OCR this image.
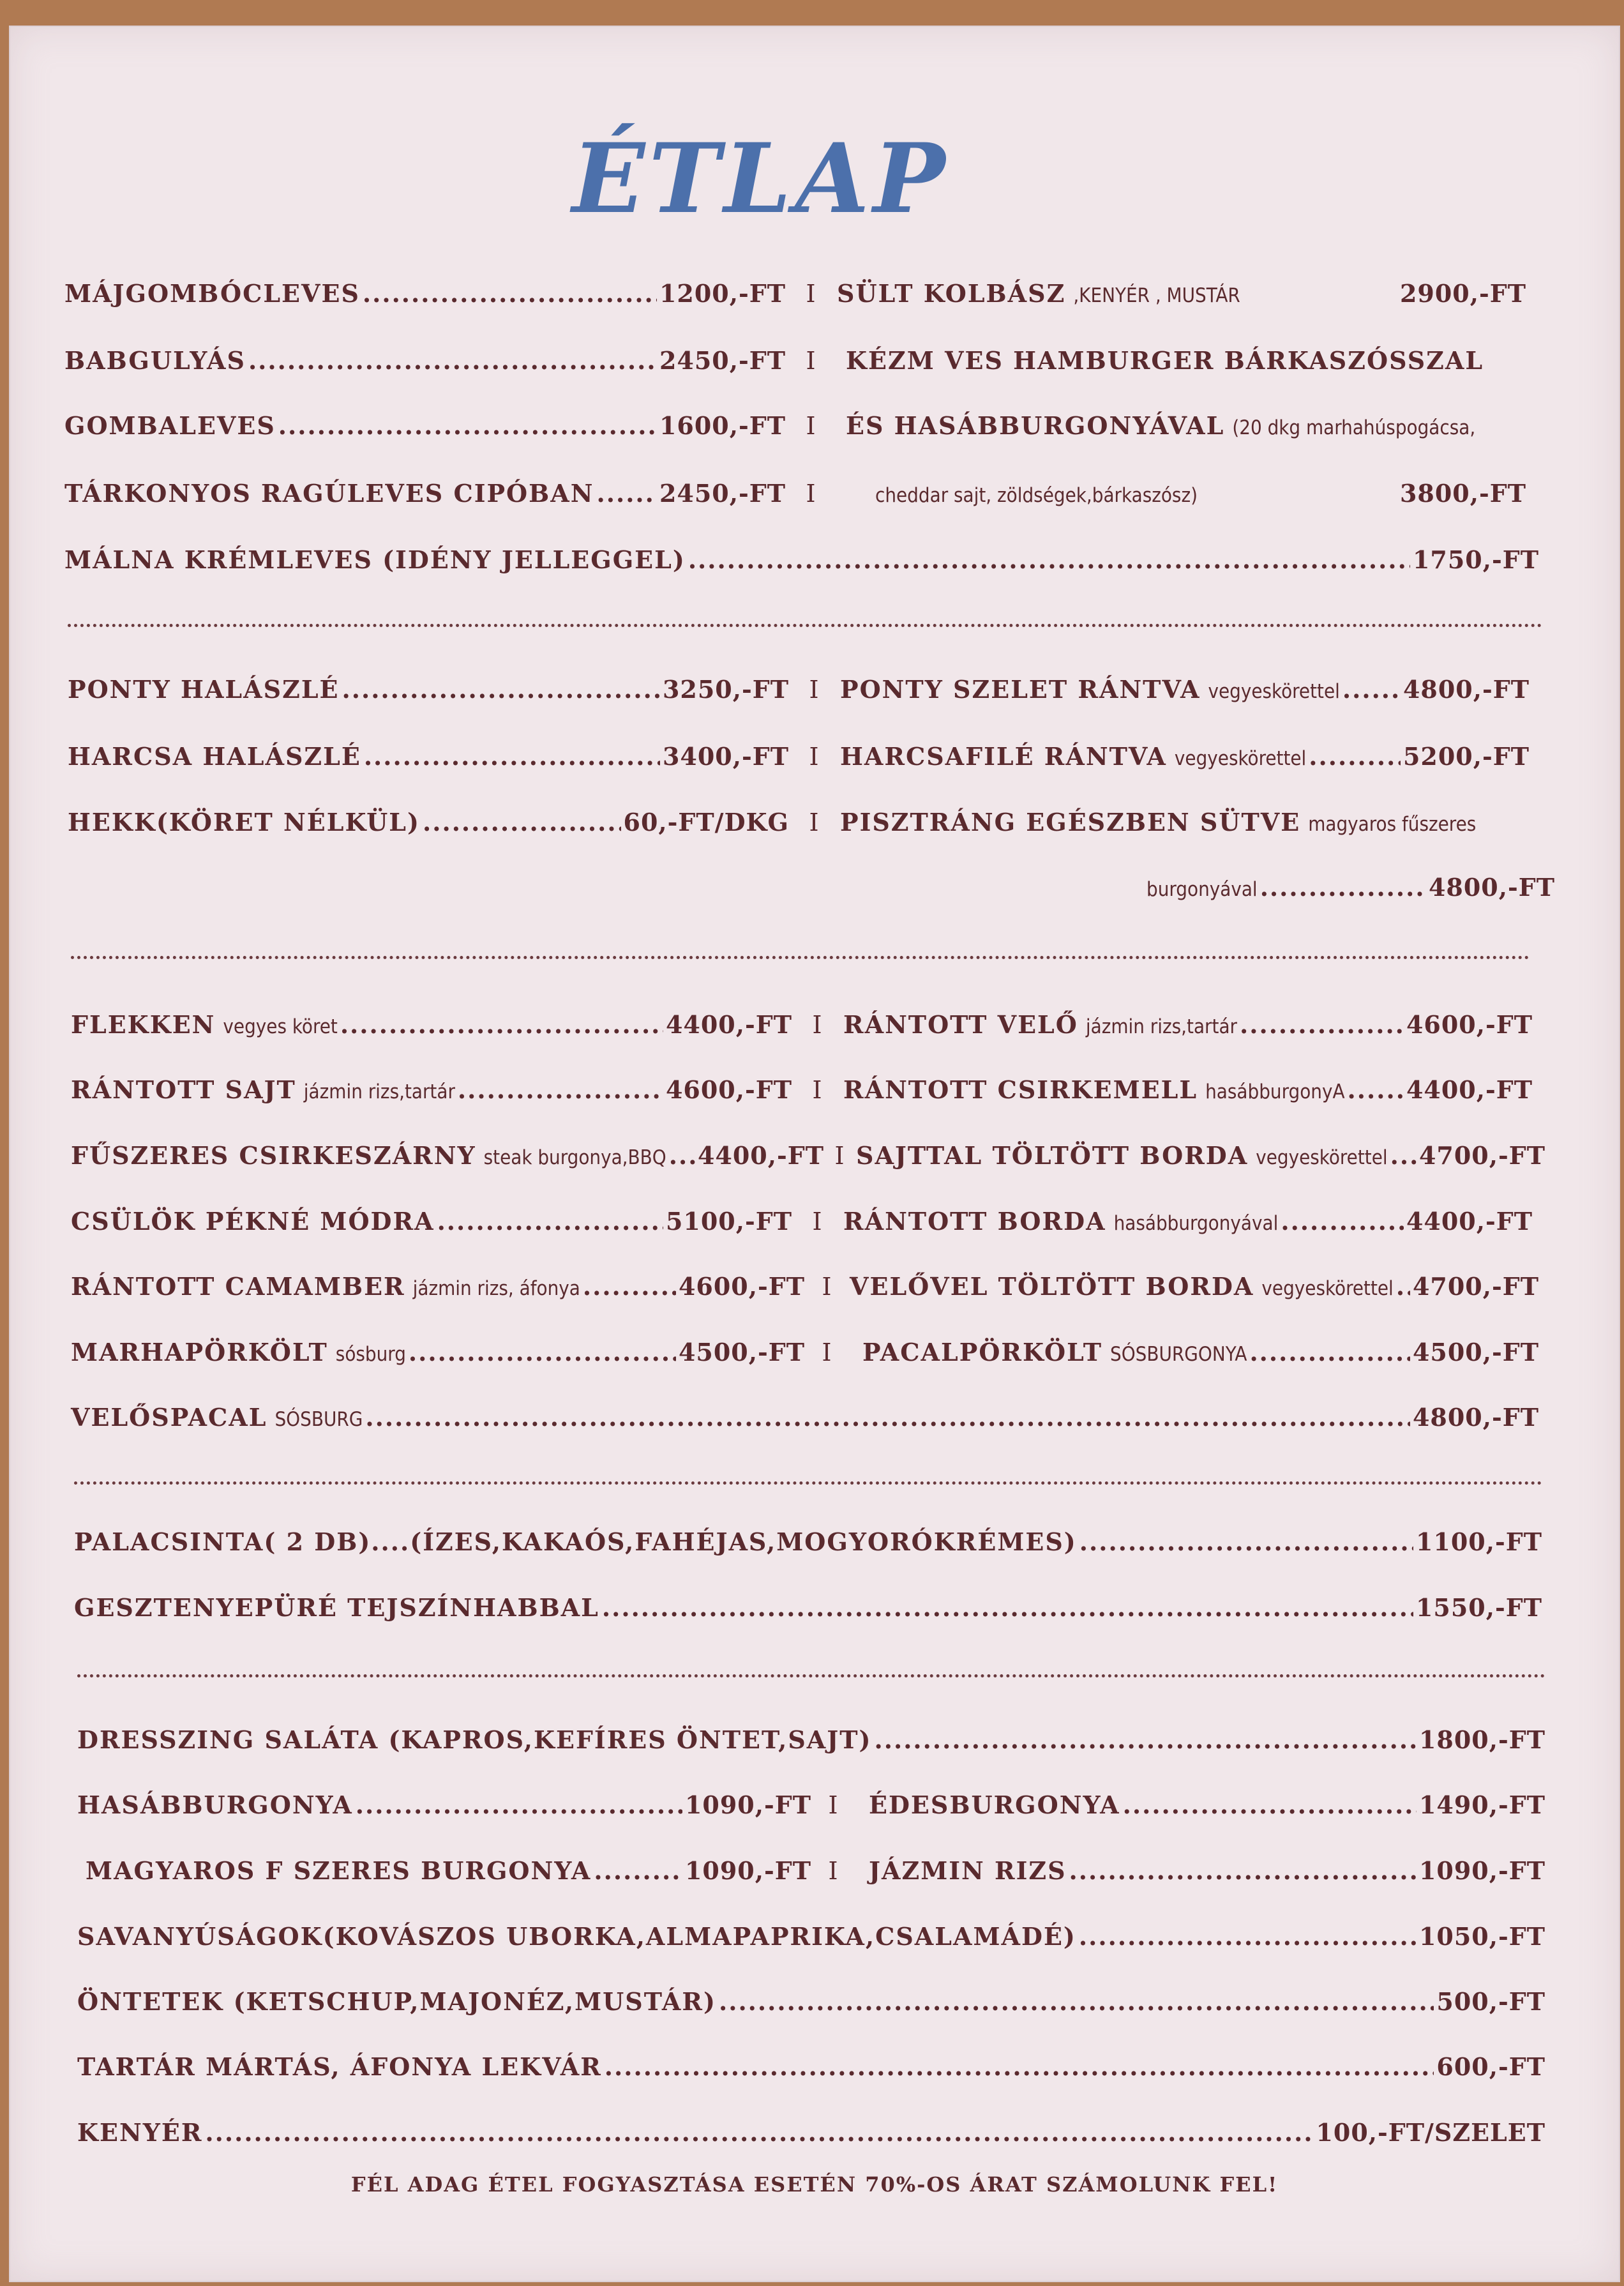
ÉTLAP
MÁJGOMBÓCLEVES .....	1200,-FT I SÜLT KOLBÁSZ ,KENYÉR , MUSTÁR	2900,-FT
BABGULYÁS .....	2450,-FT I	KÉZM VES HAMBURGER BÁRKASZÓSSZAL
GOMBALEVES .....	1600,-FT I	ÉS HASÁBBURGONYÁVAL (20 dkg marhahúspogácsa,
TÁRKONYOS RAGÚLEVES CIPÓBAN .....	2450,-FT I	cheddar sajt, zöldségek,bárkaszósz)	3800,-FT
MÁLNA KRÉMLEVES (IDÉNY JELLEGGEL) .....	1750,-FT
PONTY HALÁSZLÉ .....	3250,-FT I PONTY SZELET RÁNTVA vegyeskörettel .....	4800,-FT
HARCSA HALÁSZLÉ .....	3400,-FT I HARCSAFILÉ RÁNTVA vegyeskörettel .....	5200,-FT
HEKK(KÖRET NÉLKÜL) .....	60,-FT/DKG I PISZTRÁNG EGÉSZBEN SÜTVE magyaros fűszeres
burgonyával .....	4800,-FT
FLEKKEN vegyes köret .....	4400,-FT I RÁNTOTT VELŐ jázmin rizs,tartár .....	4600,-FT
RÁNTOTT SAJT jázmin rizs,tartár .....	4600,-FT I RÁNTOTT CSIRKEMELL hasábburgonyA .....	4400,-FT
FŰSZERES CSIRKESZÁRNY steak burgonya,BBQ ..... 4400,-FT I SAJTTAL TÖLTÖTT BORDA vegyeskörettel ..... 4700,-FT
CSÜLÖK PÉKNÉ MÓDRA .....	5100,-FT I RÁNTOTT BORDA hasábburgonyával .....	4400,-FT
RÁNTOTT CAMAMBER jázmin rizs, áfonya .....	4600,-FT I VELŐVEL TÖLTÖTT BORDA vegyeskörettel ..... 4700,-FT
MARHAPÖRKÖLT sósburg .....	4500,-FT I	PACALPÖRKÖLT SÓSBURGONYA .....	4500,-FT
VELŐSPACAL SÓSBURG .....	4800,-FT
PALACSINTA( 2 DB)....(ÍZES,KAKAÓS,FAHÉJAS,MOGYORÓKRÉMES) .....	1100,-FT
GESZTENYEPÜRÉ TEJSZÍNHABBAL .....	1550,-FT
DRESSZING SALÁTA (KAPROS,KEFÍRES ÖNTET,SAJT) .....	1800,-FT
HASÁBBURGONYA .....	1090,-FT I	ÉDESBURGONYA .....	1490,-FT
MAGYAROS F SZERES BURGONYA .....	1090,-FT I	JÁZMIN RIZS .....	1090,-FT
SAVANYÚSÁGOK(KOVÁSZOS UBORKA,ALMAPAPRIKA,CSALAMÁDÉ) .....	1050,-FT
ÖNTETEK (KETSCHUP,MAJONÉZ,MUSTÁR) .....	500,-FT
TARTÁR MÁRTÁS, ÁFONYA LEKVÁR .....	600,-FT
KENYÉR .....	100,-FT/SZELET
FÉL ADAG ÉTEL FOGYASZTÁSA ESETÉN 70%-OS ÁRAT SZÁMOLUNK FEL!
